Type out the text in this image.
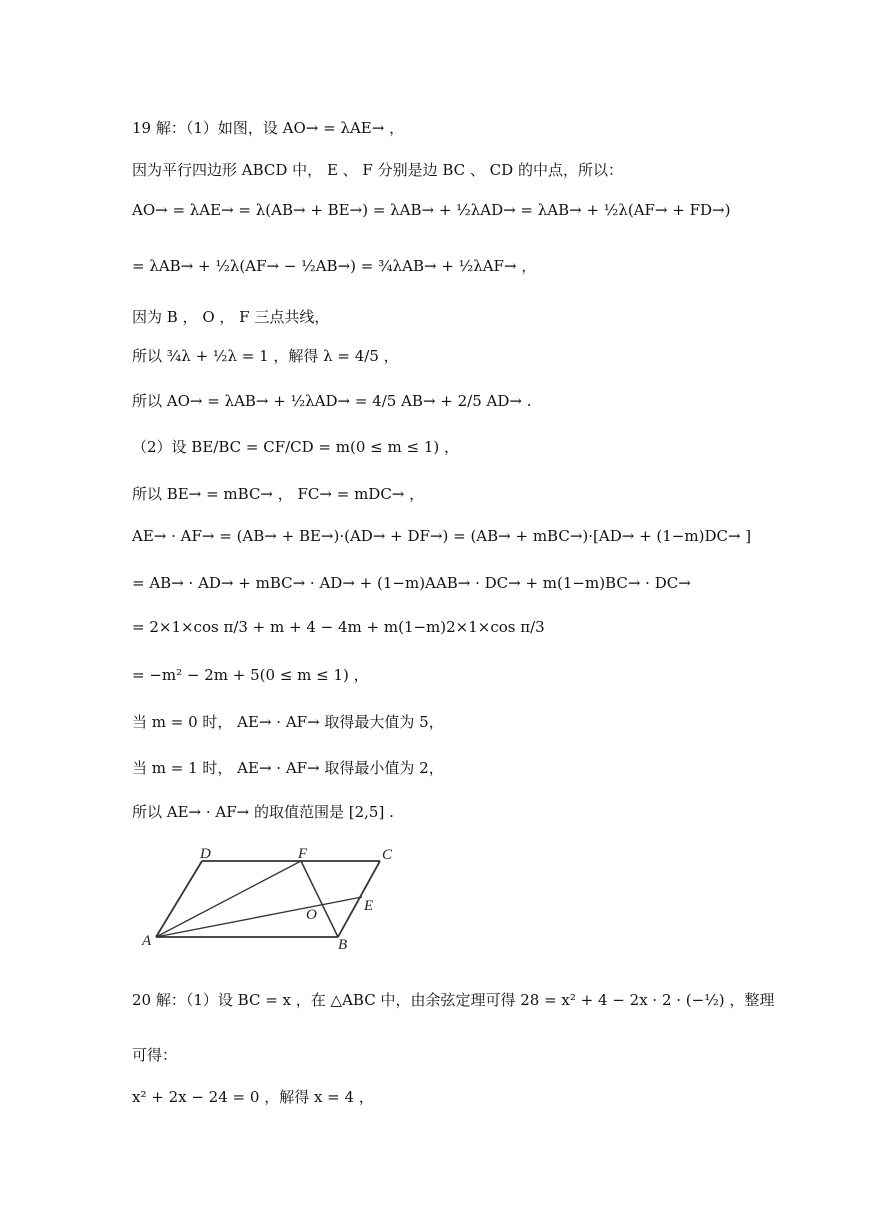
19 解：（1）如图，设 AO→ = λAE→ ，
因为平行四边形 ABCD 中， E 、 F 分别是边 BC 、 CD 的中点，所以：
AO→ = λAE→ = λ(AB→ + BE→) = λAB→ + ½λAD→ = λAB→ + ½λ(AF→ + FD→)
= λAB→ + ½λ(AF→ − ½AB→) = ¾λAB→ + ½λAF→ ，
因为 B ， O ， F 三点共线，
所以 ¾λ + ½λ = 1 ，解得 λ = 4/5 ，
所以 AO→ = λAB→ + ½λAD→ = 4/5 AB→ + 2/5 AD→ .
（2）设 BE/BC = CF/CD = m(0 ≤ m ≤ 1) ，
所以 BE→ = mBC→ ， FC→ = mDC→ ，
AE→ · AF→ = (AB→ + BE→)·(AD→ + DF→) = (AB→ + mBC→)·[AD→ + (1−m)DC→ ]
= AB→ · AD→ + mBC→ · AD→ + (1−m)AAB→ · DC→ + m(1−m)BC→ · DC→
= 2×1×cos π/3 + m + 4 − 4m + m(1−m)2×1×cos π/3
= −m² − 2m + 5(0 ≤ m ≤ 1) ，
当 m = 0 时， AE→ · AF→ 取得最大值为 5，
当 m = 1 时， AE→ · AF→ 取得最小值为 2，
所以 AE→ · AF→ 的取值范围是 [2,5] .
D	F	C
E
O
A	B
20 解：（1）设 BC = x ，在 △ABC 中，由余弦定理可得 28 = x² + 4 − 2x · 2 · (−½) ，整理
可得：
x² + 2x − 24 = 0 ，解得 x = 4 ，
